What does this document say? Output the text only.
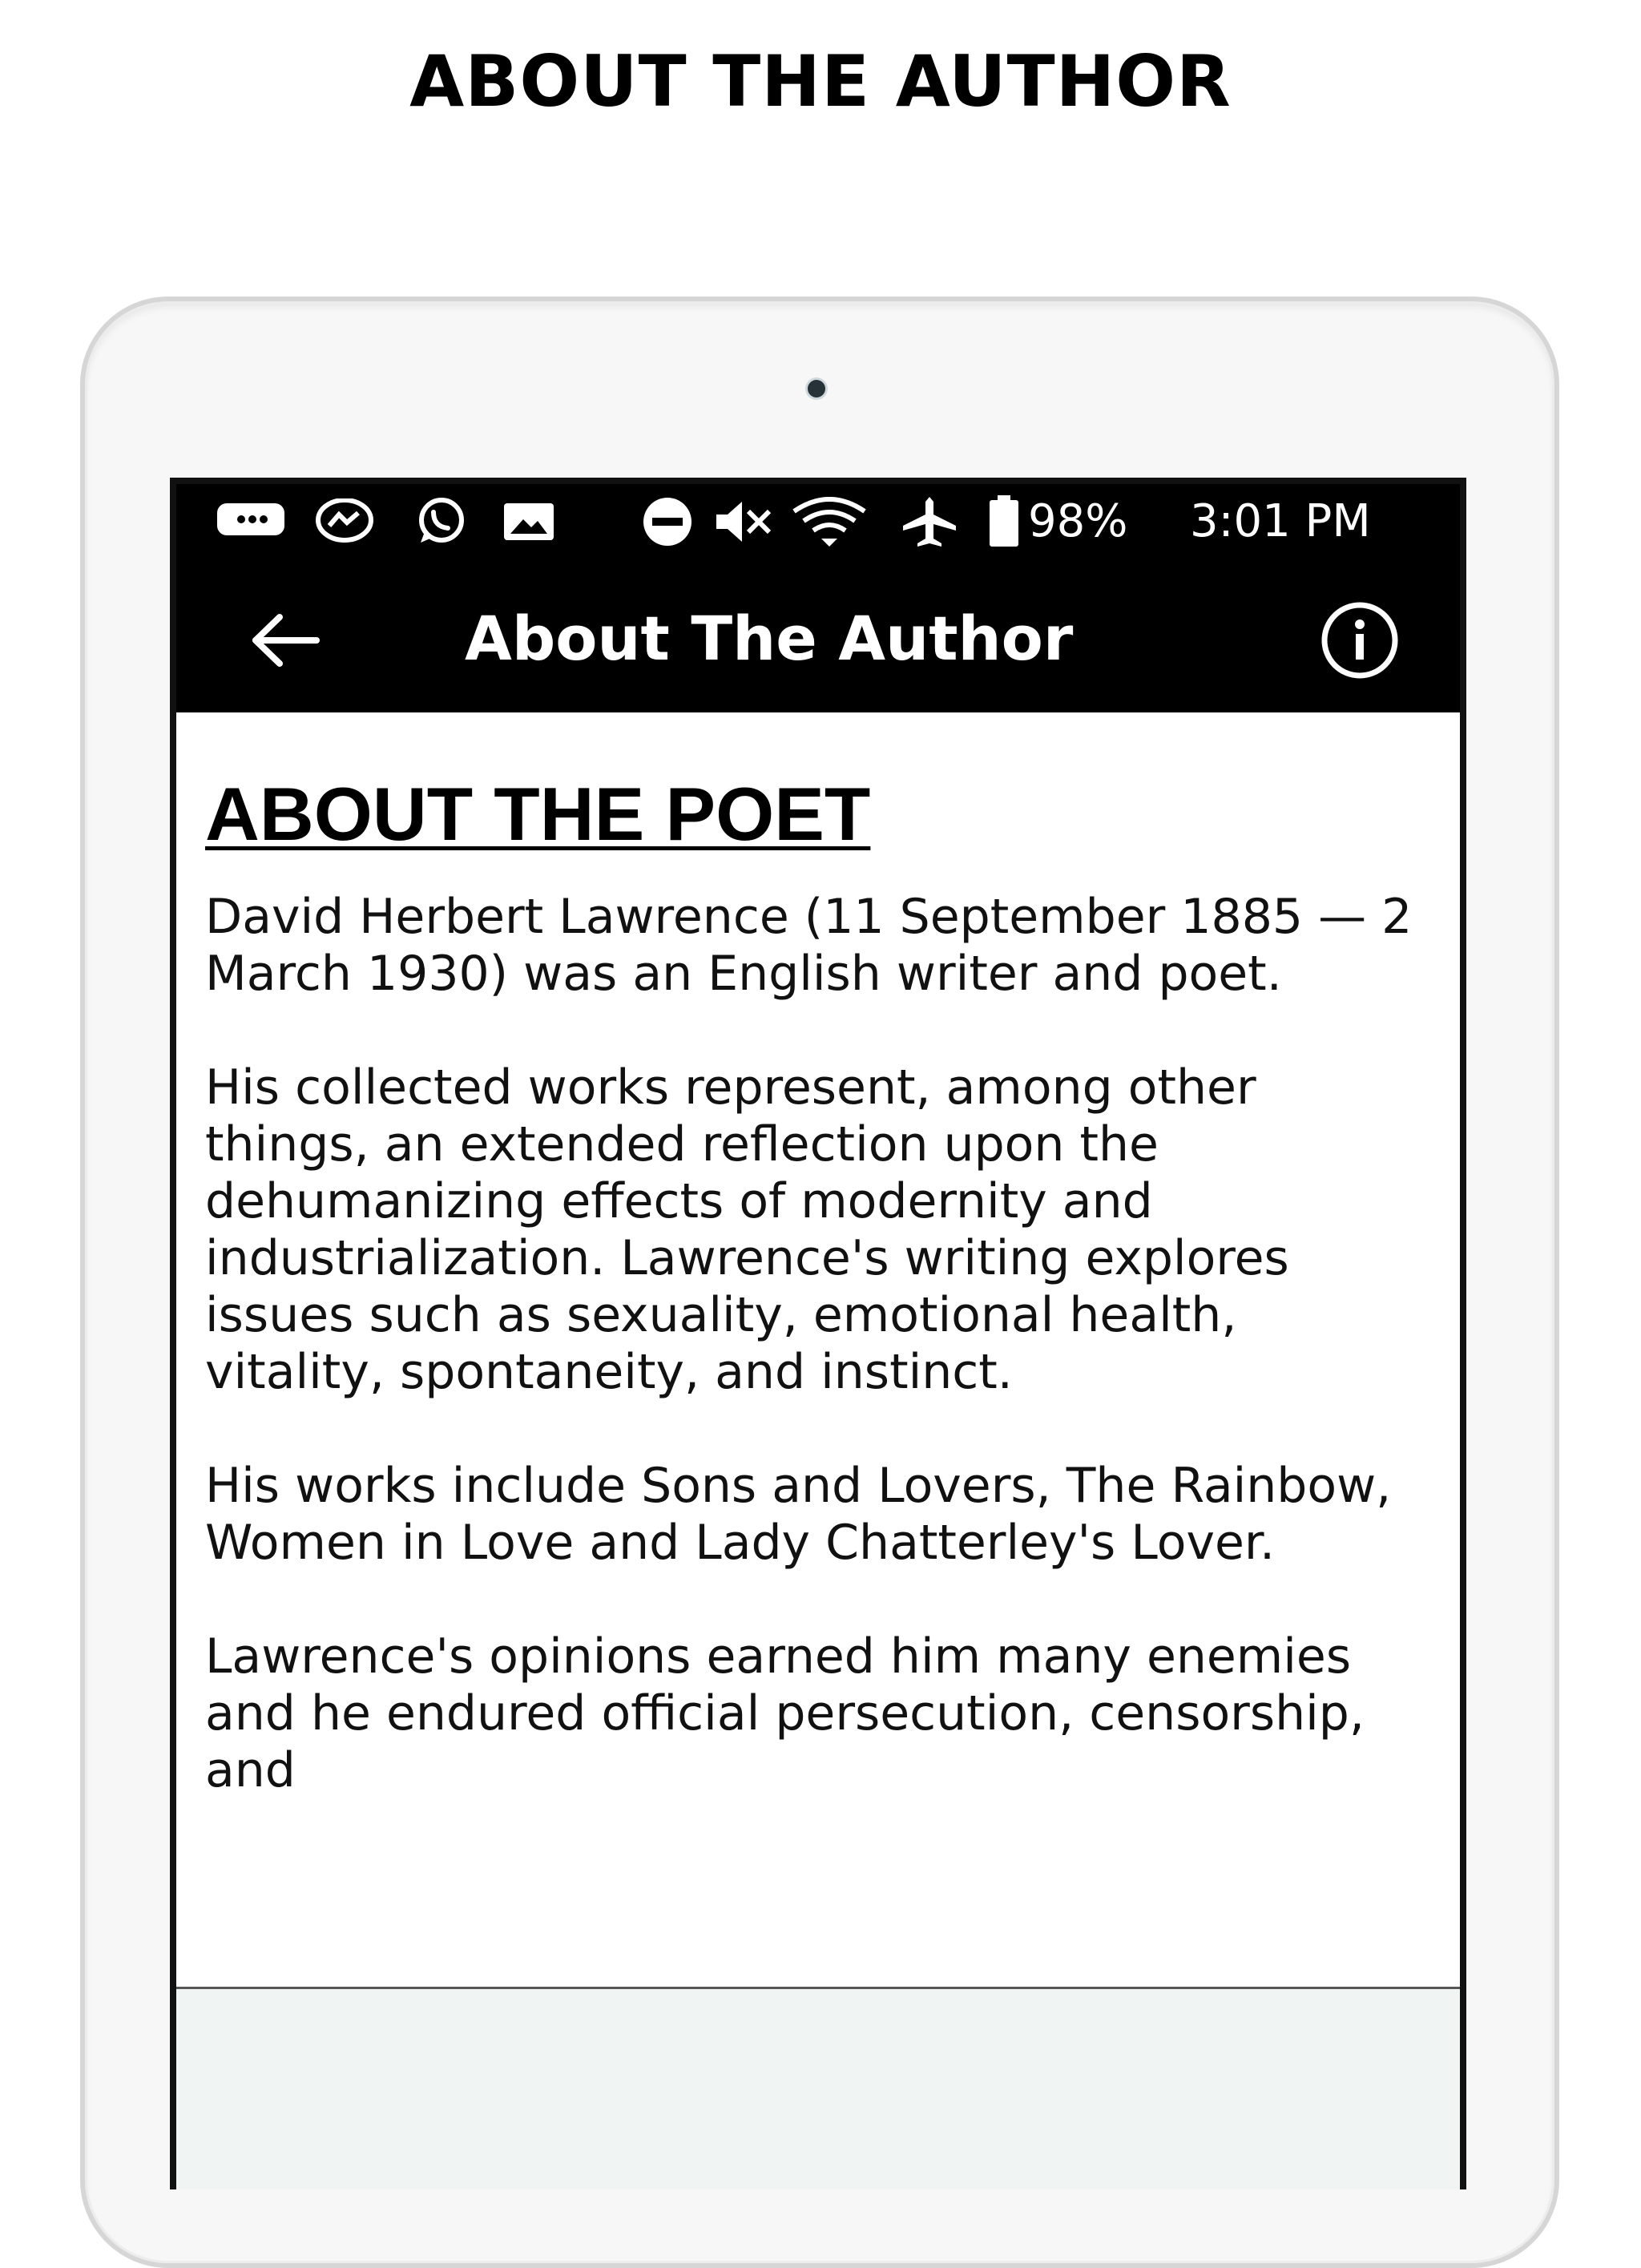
ABOUT THE AUTHOR
98% 3:01 PM
About The Author
ABOUT THE POET

David Herbert Lawrence (11 September 1885 — 2 March 1930) was an English writer and poet.

His collected works represent, among other things, an extended reflection upon the dehumanizing effects of modernity and industrialization. Lawrence's writing explores issues such as sexuality, emotional health, vitality, spontaneity, and instinct.

His works include Sons and Lovers, The Rainbow, Women in Love and Lady Chatterley's Lover.

Lawrence's opinions earned him many enemies and he endured official persecution, censorship, and
